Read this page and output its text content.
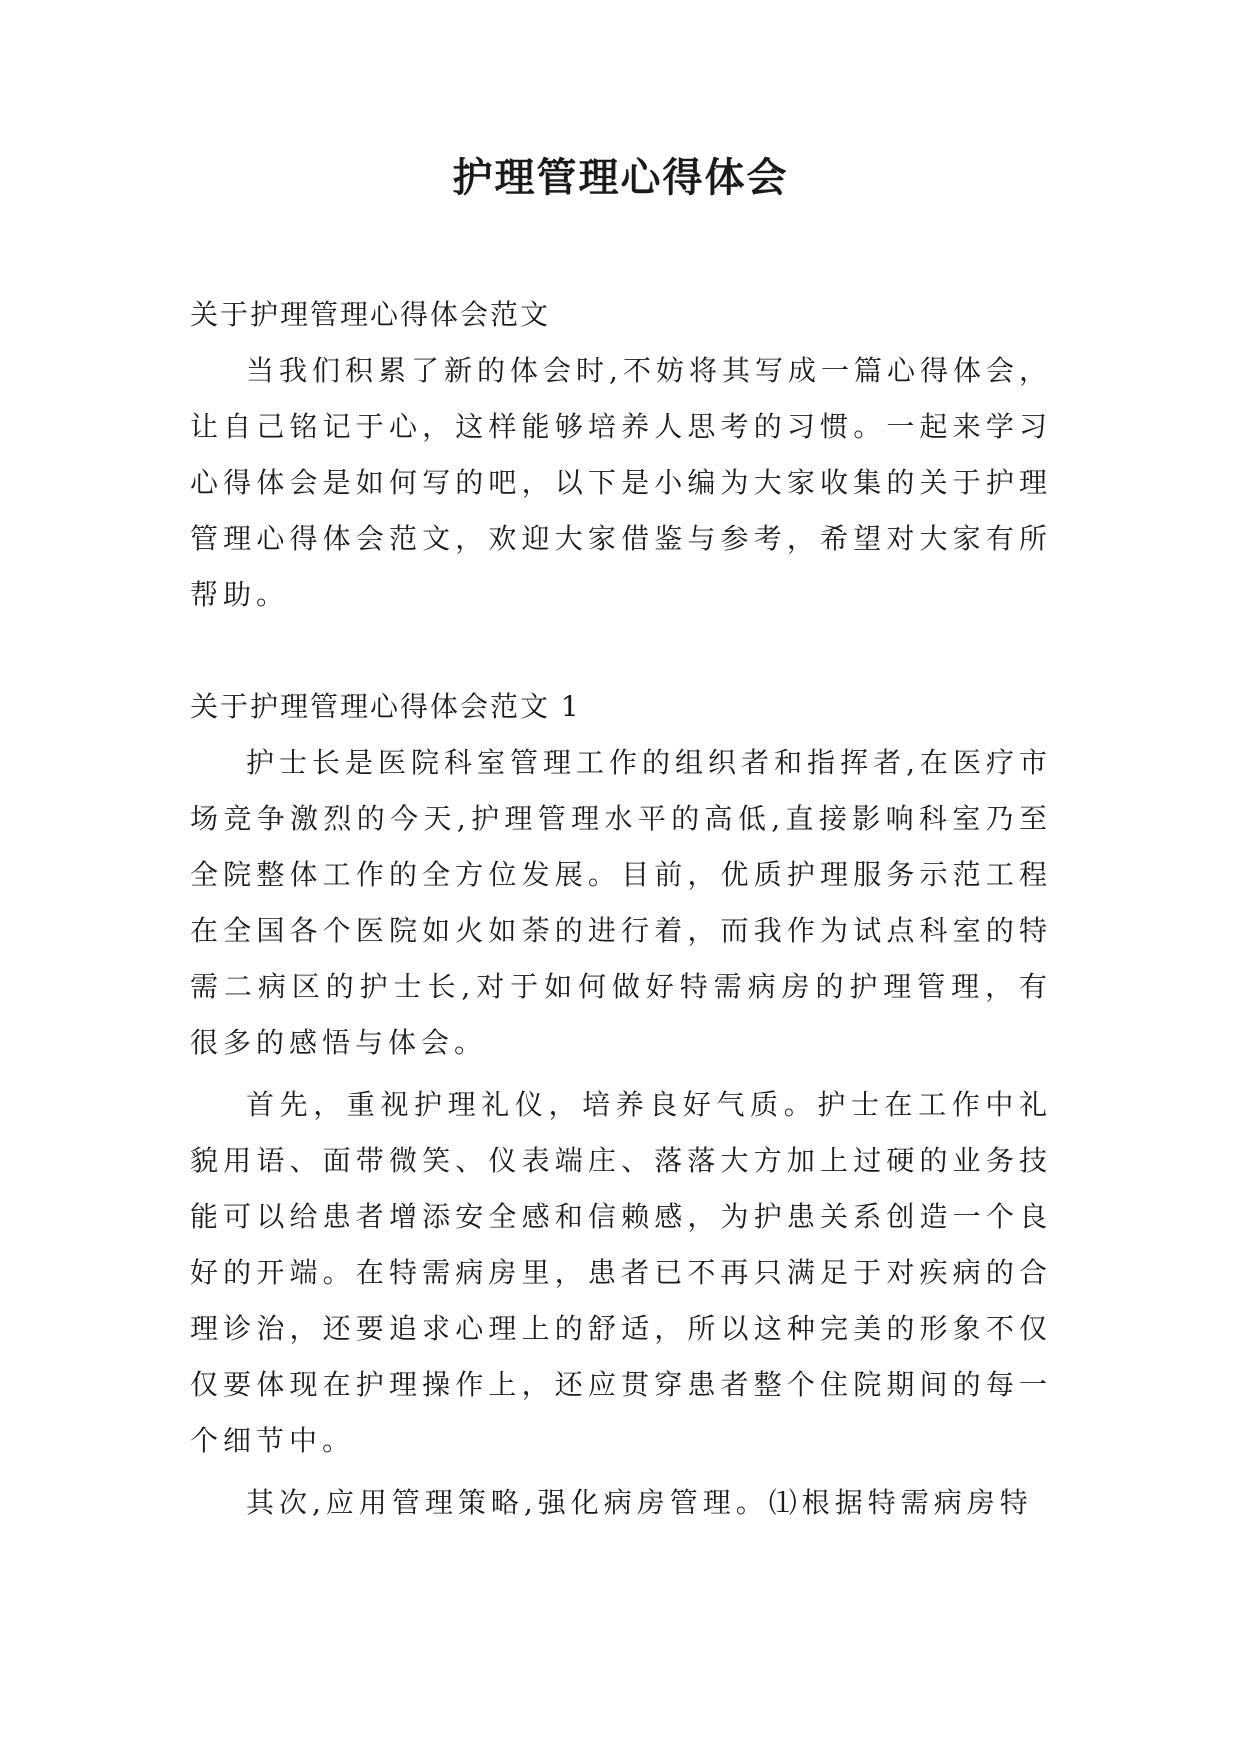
护理管理心得体会

关于护理管理心得体会范文

当我们积累了新的体会时,不妨将其写成一篇心得体会，让自己铭记于心，这样能够培养人思考的习惯。一起来学习心得体会是如何写的吧，以下是小编为大家收集的关于护理管理心得体会范文，欢迎大家借鉴与参考，希望对大家有所帮助。

关于护理管理心得体会范文 1

护士长是医院科室管理工作的组织者和指挥者,在医疗市场竞争激烈的今天,护理管理水平的高低,直接影响科室乃至全院整体工作的全方位发展。目前，优质护理服务示范工程在全国各个医院如火如荼的进行着，而我作为试点科室的特需二病区的护士长,对于如何做好特需病房的护理管理，有很多的感悟与体会。

首先，重视护理礼仪，培养良好气质。护士在工作中礼貌用语、面带微笑、仪表端庄、落落大方加上过硬的业务技能可以给患者增添安全感和信赖感，为护患关系创造一个良好的开端。在特需病房里，患者已不再只满足于对疾病的合理诊治，还要追求心理上的舒适，所以这种完美的形象不仅仅要体现在护理操作上，还应贯穿患者整个住院期间的每一个细节中。

其次,应用管理策略,强化病房管理。⑴根据特需病房特
